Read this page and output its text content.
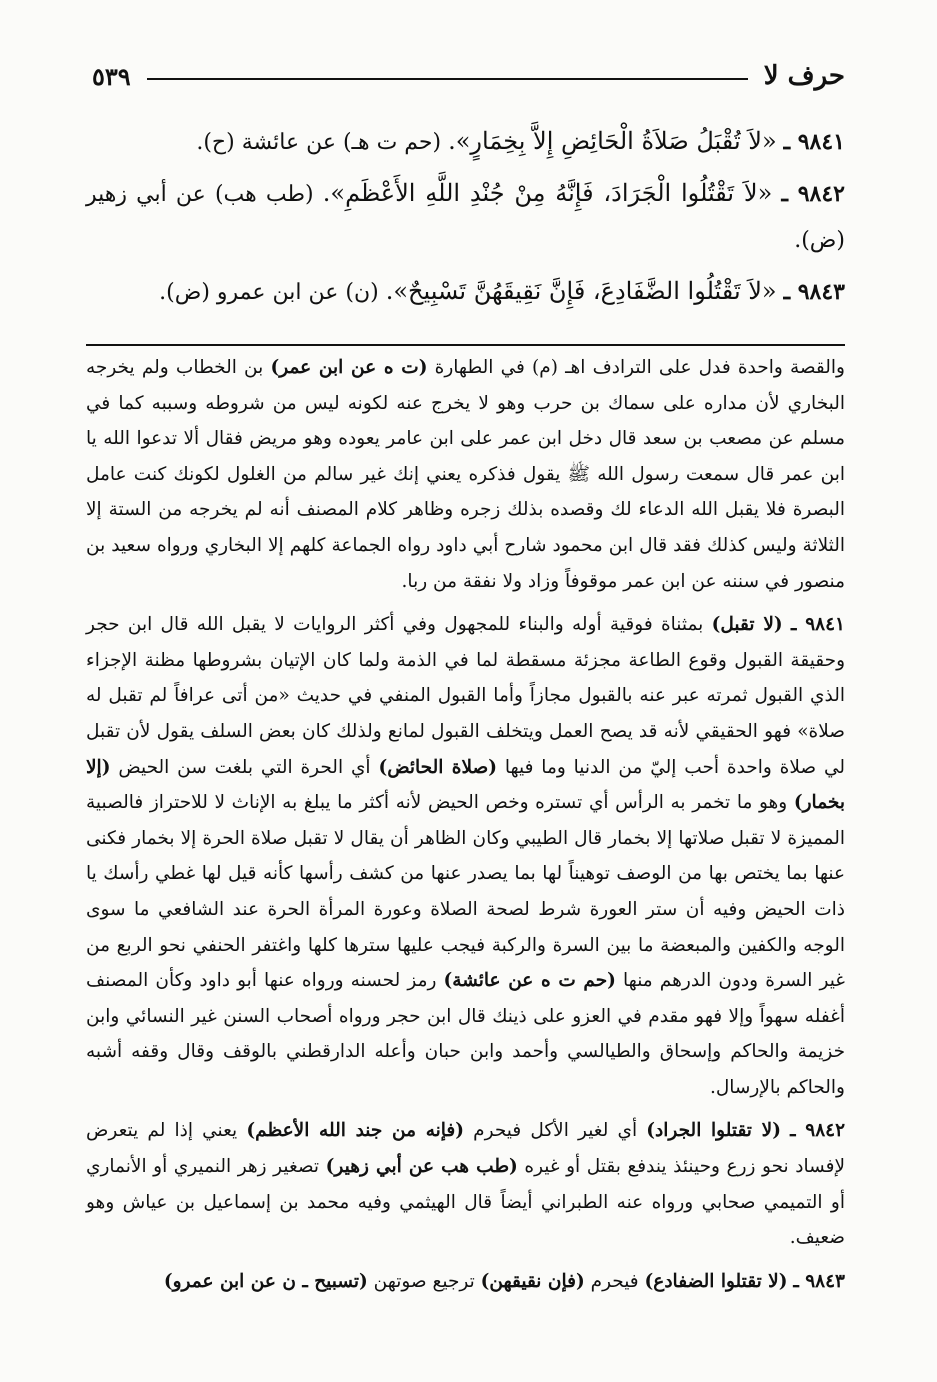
حرف لا
٥٣٩

٩٨٤١ ـ «لاَ تُقْبَلُ صَلاَةُ الْحَائِضِ إِلاَّ بِخِمَارٍ». (حم ت هـ) عن عائشة (ح).

٩٨٤٢ ـ «لاَ تَقْتُلُوا الْجَرَادَ، فَإِنَّهُ مِنْ جُنْدِ اللَّهِ الأَعْظَمِ». (طب هب) عن أبي زهير (ض).

٩٨٤٣ ـ «لاَ تَقْتُلُوا الضَّفَادِعَ، فَإِنَّ نَقِيقَهُنَّ تَسْبِيحٌ». (ن) عن ابن عمرو (ض).

والقصة واحدة فدل على الترادف اهـ (م) في الطهارة (ت ه عن ابن عمر) بن الخطاب ولم يخرجه البخاري لأن مداره على سماك بن حرب وهو لا يخرج عنه لكونه ليس من شروطه وسببه كما في مسلم عن مصعب بن سعد قال دخل ابن عمر على ابن عامر يعوده وهو مريض فقال ألا تدعوا الله يا ابن عمر قال سمعت رسول الله ﷺ يقول فذكره يعني إنك غير سالم من الغلول لكونك كنت عامل البصرة فلا يقبل الله الدعاء لك وقصده بذلك زجره وظاهر كلام المصنف أنه لم يخرجه من الستة إلا الثلاثة وليس كذلك فقد قال ابن محمود شارح أبي داود رواه الجماعة كلهم إلا البخاري ورواه سعيد بن منصور في سننه عن ابن عمر موقوفاً وزاد ولا نفقة من ربا.

٩٨٤١ ـ (لا تقبل) بمثناة فوقية أوله والبناء للمجهول وفي أكثر الروايات لا يقبل الله قال ابن حجر وحقيقة القبول وقوع الطاعة مجزئة مسقطة لما في الذمة ولما كان الإتيان بشروطها مظنة الإجزاء الذي القبول ثمرته عبر عنه بالقبول مجازاً وأما القبول المنفي في حديث «من أتى عرافاً لم تقبل له صلاة» فهو الحقيقي لأنه قد يصح العمل ويتخلف القبول لمانع ولذلك كان بعض السلف يقول لأن تقبل لي صلاة واحدة أحب إليّ من الدنيا وما فيها (صلاة الحائض) أي الحرة التي بلغت سن الحيض (إلا بخمار) وهو ما تخمر به الرأس أي تستره وخص الحيض لأنه أكثر ما يبلغ به الإناث لا للاحتراز فالصبية المميزة لا تقبل صلاتها إلا بخمار قال الطيبي وكان الظاهر أن يقال لا تقبل صلاة الحرة إلا بخمار فكنى عنها بما يختص بها من الوصف توهيناً لها بما يصدر عنها من كشف رأسها كأنه قيل لها غطي رأسك يا ذات الحيض وفيه أن ستر العورة شرط لصحة الصلاة وعورة المرأة الحرة عند الشافعي ما سوى الوجه والكفين والمبعضة ما بين السرة والركبة فيجب عليها سترها كلها واغتفر الحنفي نحو الربع من غير السرة ودون الدرهم منها (حم ت ه عن عائشة) رمز لحسنه ورواه عنها أبو داود وكأن المصنف أغفله سهواً وإلا فهو مقدم في العزو على ذينك قال ابن حجر ورواه أصحاب السنن غير النسائي وابن خزيمة والحاكم وإسحاق والطيالسي وأحمد وابن حبان وأعله الدارقطني بالوقف وقال وقفه أشبه والحاكم بالإرسال.

٩٨٤٢ ـ (لا تقتلوا الجراد) أي لغير الأكل فيحرم (فإنه من جند الله الأعظم) يعني إذا لم يتعرض لإفساد نحو زرع وحينئذ يندفع بقتل أو غيره (طب هب عن أبي زهير) تصغير زهر النميري أو الأنماري أو التميمي صحابي ورواه عنه الطبراني أيضاً قال الهيثمي وفيه محمد بن إسماعيل بن عياش وهو ضعيف.

٩٨٤٣ ـ (لا تقتلوا الضفادع) فيحرم (فإن نقيقهن) ترجيع صوتهن (تسبيح ـ ن عن ابن عمرو)
